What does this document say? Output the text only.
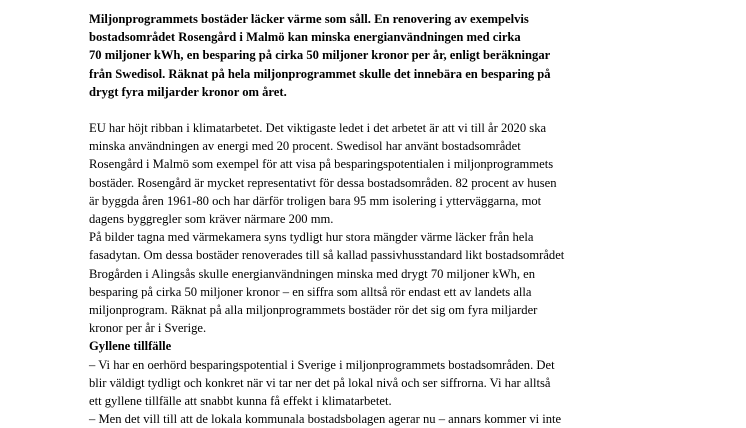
Miljonprogrammets bostäder läcker värme som såll. En renovering av exempelvis
bostadsområdet Rosengård i Malmö kan minska energianvändningen med cirka
70 miljoner kWh, en besparing på cirka 50 miljoner kronor per år, enligt beräkningar
från Swedisol. Räknat på hela miljonprogrammet skulle det innebära en besparing på
drygt fyra miljarder kronor om året.

EU har höjt ribban i klimatarbetet. Det viktigaste ledet i det arbetet är att vi till år 2020 ska
minska användningen av energi med 20 procent. Swedisol har använt bostadsområdet
Rosengård i Malmö som exempel för att visa på besparingspotentialen i miljonprogrammets
bostäder. Rosengård är mycket representativt för dessa bostadsområden. 82 procent av husen
är byggda åren 1961-80 och har därför troligen bara 95 mm isolering i ytterväggarna, mot
dagens byggregler som kräver närmare 200 mm.

På bilder tagna med värmekamera syns tydligt hur stora mängder värme läcker från hela
fasadytan. Om dessa bostäder renoverades till så kallad passivhusstandard likt bostadsområdet
Brogården i Alingsås skulle energianvändningen minska med drygt 70 miljoner kWh, en
besparing på cirka 50 miljoner kronor – en siffra som alltså rör endast ett av landets alla
miljonprogram. Räknat på alla miljonprogrammets bostäder rör det sig om fyra miljarder
kronor per år i Sverige.

Gyllene tillfälle

– Vi har en oerhörd besparingspotential i Sverige i miljonprogrammets bostadsområden. Det
blir väldigt tydligt och konkret när vi tar ner det på lokal nivå och ser siffrorna. Vi har alltså
ett gyllene tillfälle att snabbt kunna få effekt i klimatarbetet.
– Men det vill till att de lokala kommunala bostadsbolagen agerar nu – annars kommer vi inte
